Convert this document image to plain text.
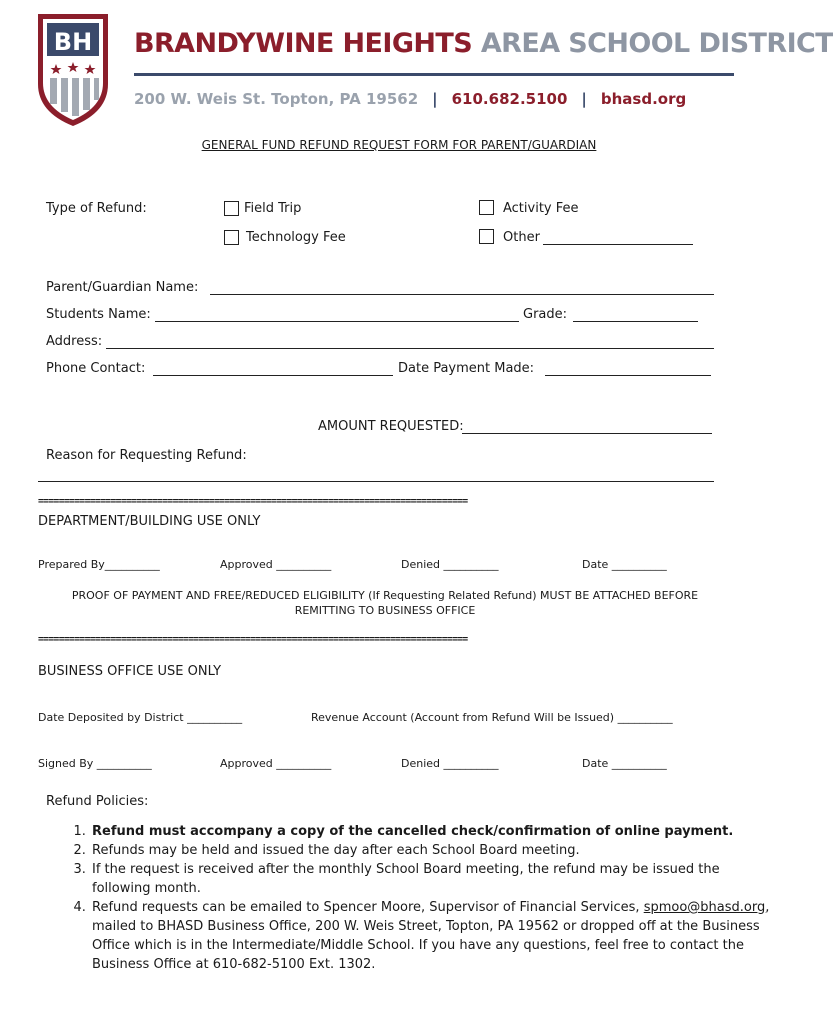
BH BRANDYWINE HEIGHTS AREA SCHOOL DISTRICT
200 W. Weis St. Topton, PA 19562 | 610.682.5100 | bhasd.org
GENERAL FUND REFUND REQUEST FORM FOR PARENT/GUARDIAN
Type of Refund:	Field Trip	Activity Fee
Technology Fee	Other
Parent/Guardian Name:
Students Name:	Grade:
Address:
Phone Contact:	Date Payment Made:
AMOUNT REQUESTED:
Reason for Requesting Refund:
===================================================================================
DEPARTMENT/BUILDING USE ONLY
Prepared By__________	Approved __________	Denied __________	Date __________
PROOF OF PAYMENT AND FREE/REDUCED ELIGIBILITY (If Requesting Related Refund) MUST BE ATTACHED BEFORE REMITTING TO BUSINESS OFFICE
===================================================================================
BUSINESS OFFICE USE ONLY
Date Deposited by District __________	Revenue Account (Account from Refund Will be Issued) __________
Signed By __________	Approved __________	Denied __________	Date __________
Refund Policies:
1. Refund must accompany a copy of the cancelled check/confirmation of online payment.
2. Refunds may be held and issued the day after each School Board meeting.
3. If the request is received after the monthly School Board meeting, the refund may be issued the following month.
4. Refund requests can be emailed to Spencer Moore, Supervisor of Financial Services, spmoo@bhasd.org, mailed to BHASD Business Office, 200 W. Weis Street, Topton, PA 19562 or dropped off at the Business Office which is in the Intermediate/Middle School. If you have any questions, feel free to contact the Business Office at 610-682-5100 Ext. 1302.
